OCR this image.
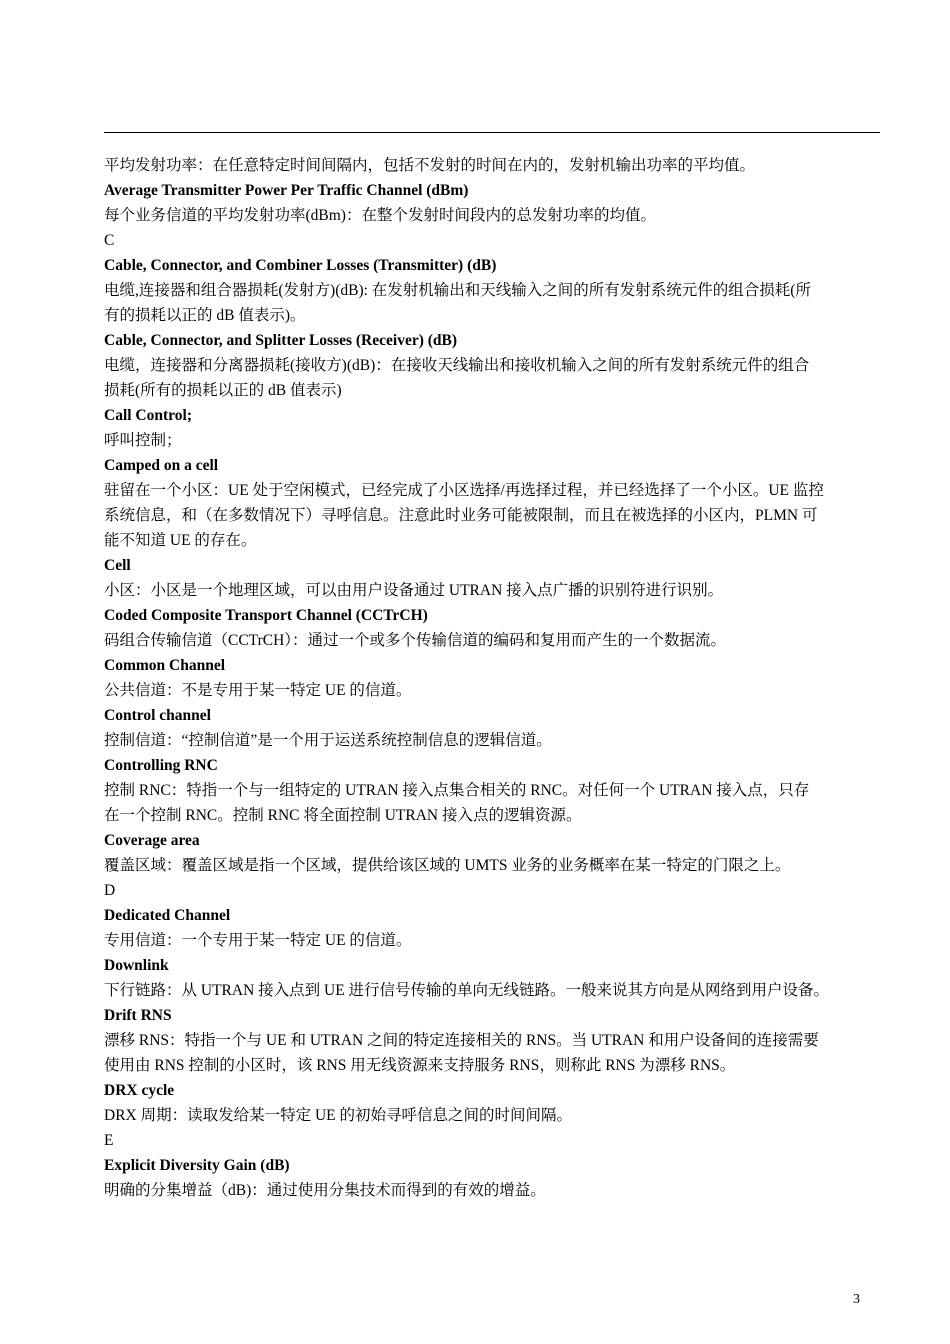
平均发射功率：在任意特定时间间隔内，包括不发射的时间在内的，发射机输出功率的平均值。
Average Transmitter Power Per Traffic Channel (dBm)
每个业务信道的平均发射功率(dBm)：在整个发射时间段内的总发射功率的均值。
C
Cable, Connector, and Combiner Losses (Transmitter) (dB)
电缆,连接器和组合器损耗(发射方)(dB): 在发射机输出和天线输入之间的所有发射系统元件的组合损耗(所
有的损耗以正的 dB 值表示)。
Cable, Connector, and Splitter Losses (Receiver) (dB)
电缆，连接器和分离器损耗(接收方)(dB)：在接收天线输出和接收机输入之间的所有发射系统元件的组合
损耗(所有的损耗以正的 dB 值表示)
Call Control;
呼叫控制；
Camped on a cell
驻留在一个小区：UE 处于空闲模式，已经完成了小区选择/再选择过程，并已经选择了一个小区。UE 监控
系统信息，和（在多数情况下）寻呼信息。注意此时业务可能被限制，而且在被选择的小区内，PLMN 可
能不知道 UE 的存在。
Cell
小区：小区是一个地理区域，可以由用户设备通过 UTRAN 接入点广播的识别符进行识别。
Coded Composite Transport Channel (CCTrCH)
码组合传输信道（CCTrCH）：通过一个或多个传输信道的编码和复用而产生的一个数据流。
Common Channel
公共信道：不是专用于某一特定 UE 的信道。
Control channel
控制信道：“控制信道”是一个用于运送系统控制信息的逻辑信道。
Controlling RNC
控制 RNC：特指一个与一组特定的 UTRAN 接入点集合相关的 RNC。对任何一个 UTRAN 接入点，只存
在一个控制 RNC。控制 RNC 将全面控制 UTRAN 接入点的逻辑资源。
Coverage area
覆盖区域：覆盖区域是指一个区域，提供给该区域的 UMTS 业务的业务概率在某一特定的门限之上。
D
Dedicated Channel
专用信道：一个专用于某一特定 UE 的信道。
Downlink
下行链路：从 UTRAN 接入点到 UE 进行信号传输的单向无线链路。一般来说其方向是从网络到用户设备。
Drift RNS
漂移 RNS：特指一个与 UE 和 UTRAN 之间的特定连接相关的 RNS。当 UTRAN 和用户设备间的连接需要
使用由 RNS 控制的小区时，该 RNS 用无线资源来支持服务 RNS，则称此 RNS 为漂移 RNS。
DRX cycle
DRX 周期：读取发给某一特定 UE 的初始寻呼信息之间的时间间隔。
E
Explicit Diversity Gain (dB)
明确的分集增益（dB)：通过使用分集技术而得到的有效的增益。
3
